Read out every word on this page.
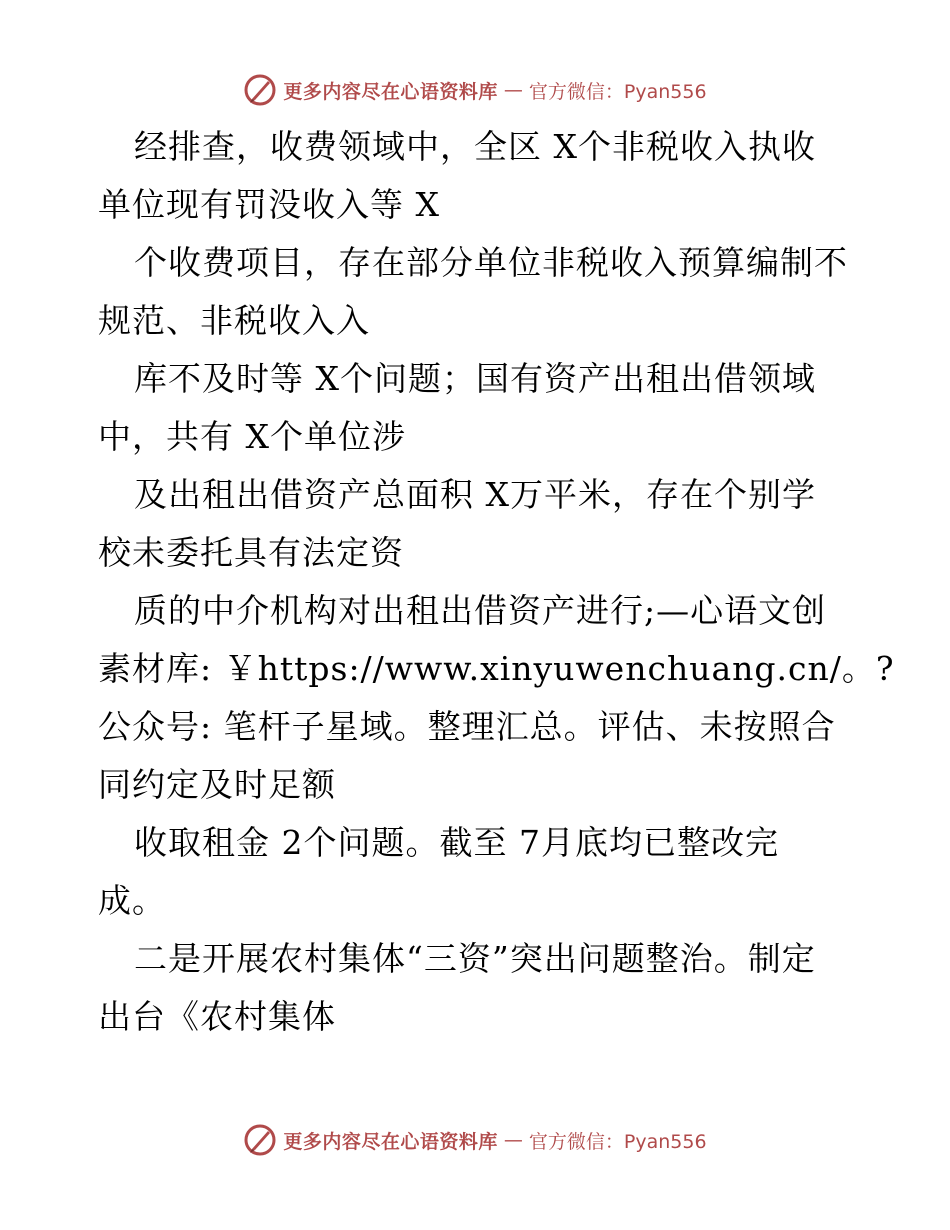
更多内容尽在心语资料库 — 官方微信：Pyan556
经排查，收费领域中，全区 X个非税收入执收
单位现有罚没收入等 X
个收费项目，存在部分单位非税收入预算编制不
规范、非税收入入
库不及时等 X个问题；国有资产出租出借领域
中，共有 X个单位涉
及出租出借资产总面积 X万平米，存在个别学
校未委托具有法定资
质的中介机构对出租出借资产进行;—心语文创
素材库: ￥https://www.xinyuwenchuang.cn/。?
公众号: 笔杆子星域。整理汇总。评估、未按照合
同约定及时足额
收取租金 2个问题。截至 7月底均已整改完
成。
二是开展农村集体“三资”突出问题整治。制定
出台《农村集体
更多内容尽在心语资料库 — 官方微信：Pyan556
